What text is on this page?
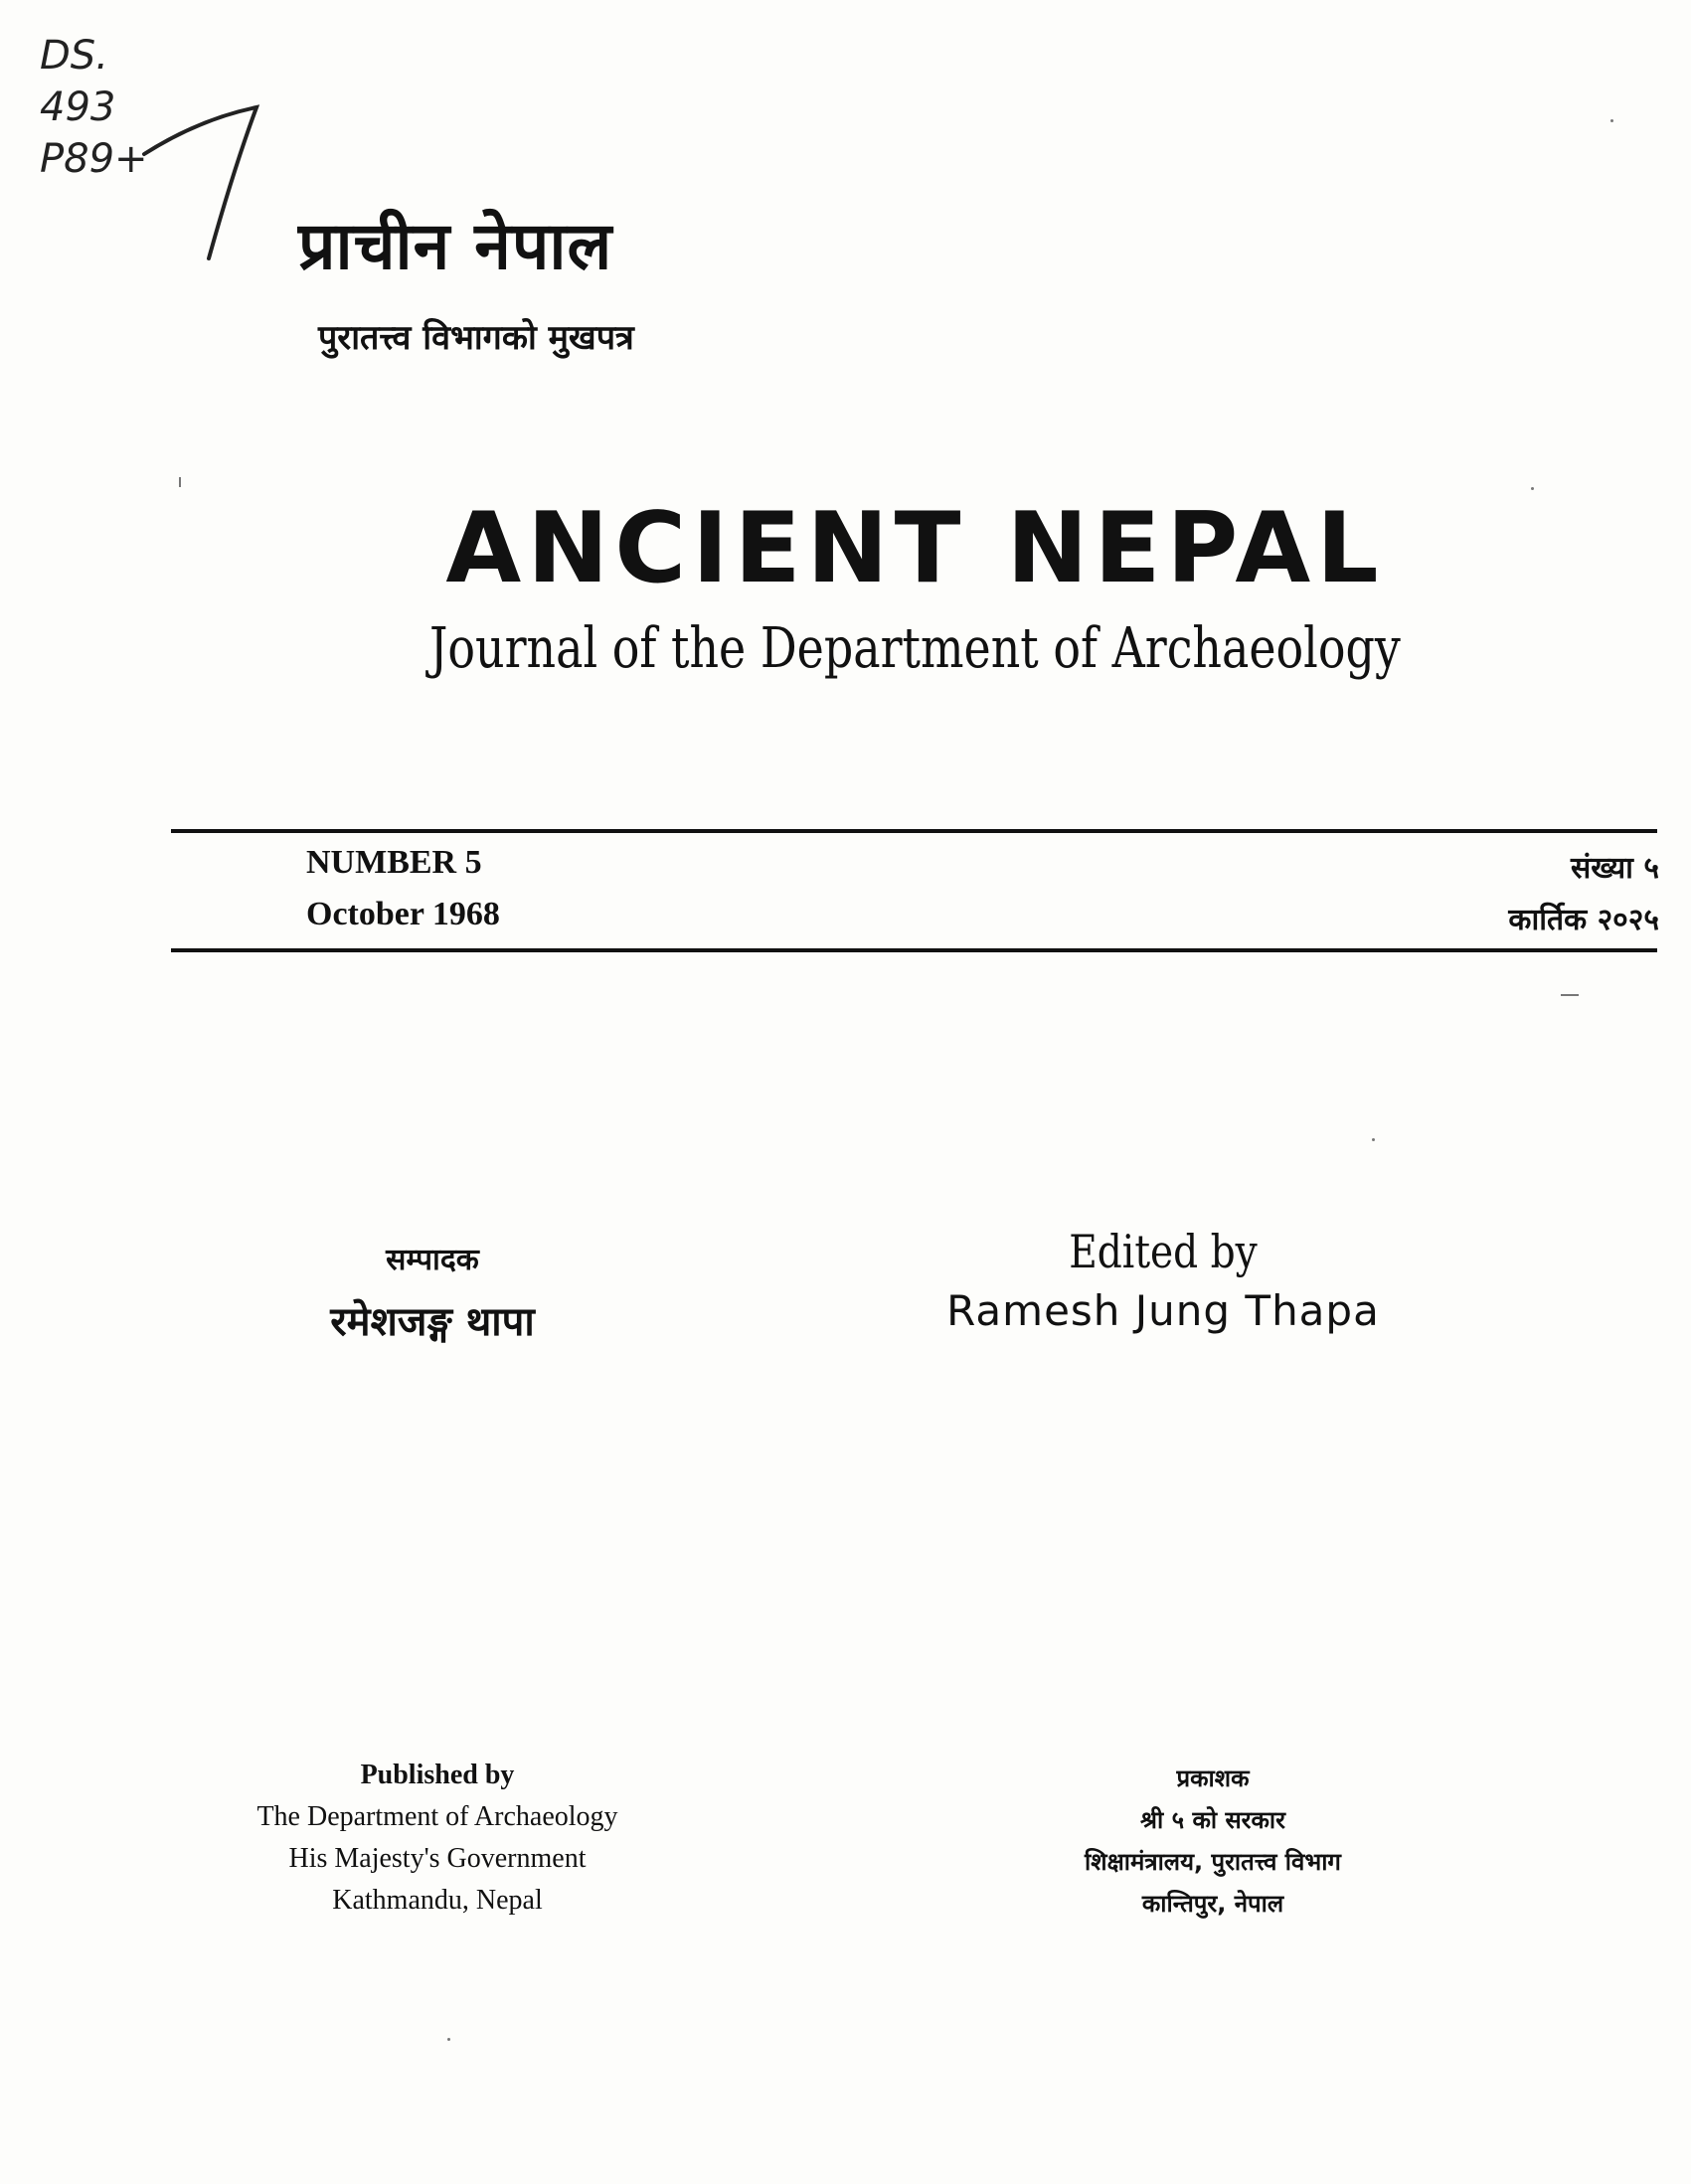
DS.
493
P89+
प्राचीन नेपाल
पुरातत्त्व विभागको मुखपत्र
ANCIENT NEPAL
Journal of the Department of Archaeology
NUMBER 5
October 1968
संख्या ५
कार्तिक २०२५
सम्पादक
रमेशजङ्ग थापा
Edited by
Ramesh Jung Thapa
Published by
The Department of Archaeology
His Majesty's Government
Kathmandu, Nepal
प्रकाशक
श्री ५ को सरकार
शिक्षामंत्रालय, पुरातत्त्व विभाग
कान्तिपुर, नेपाल
